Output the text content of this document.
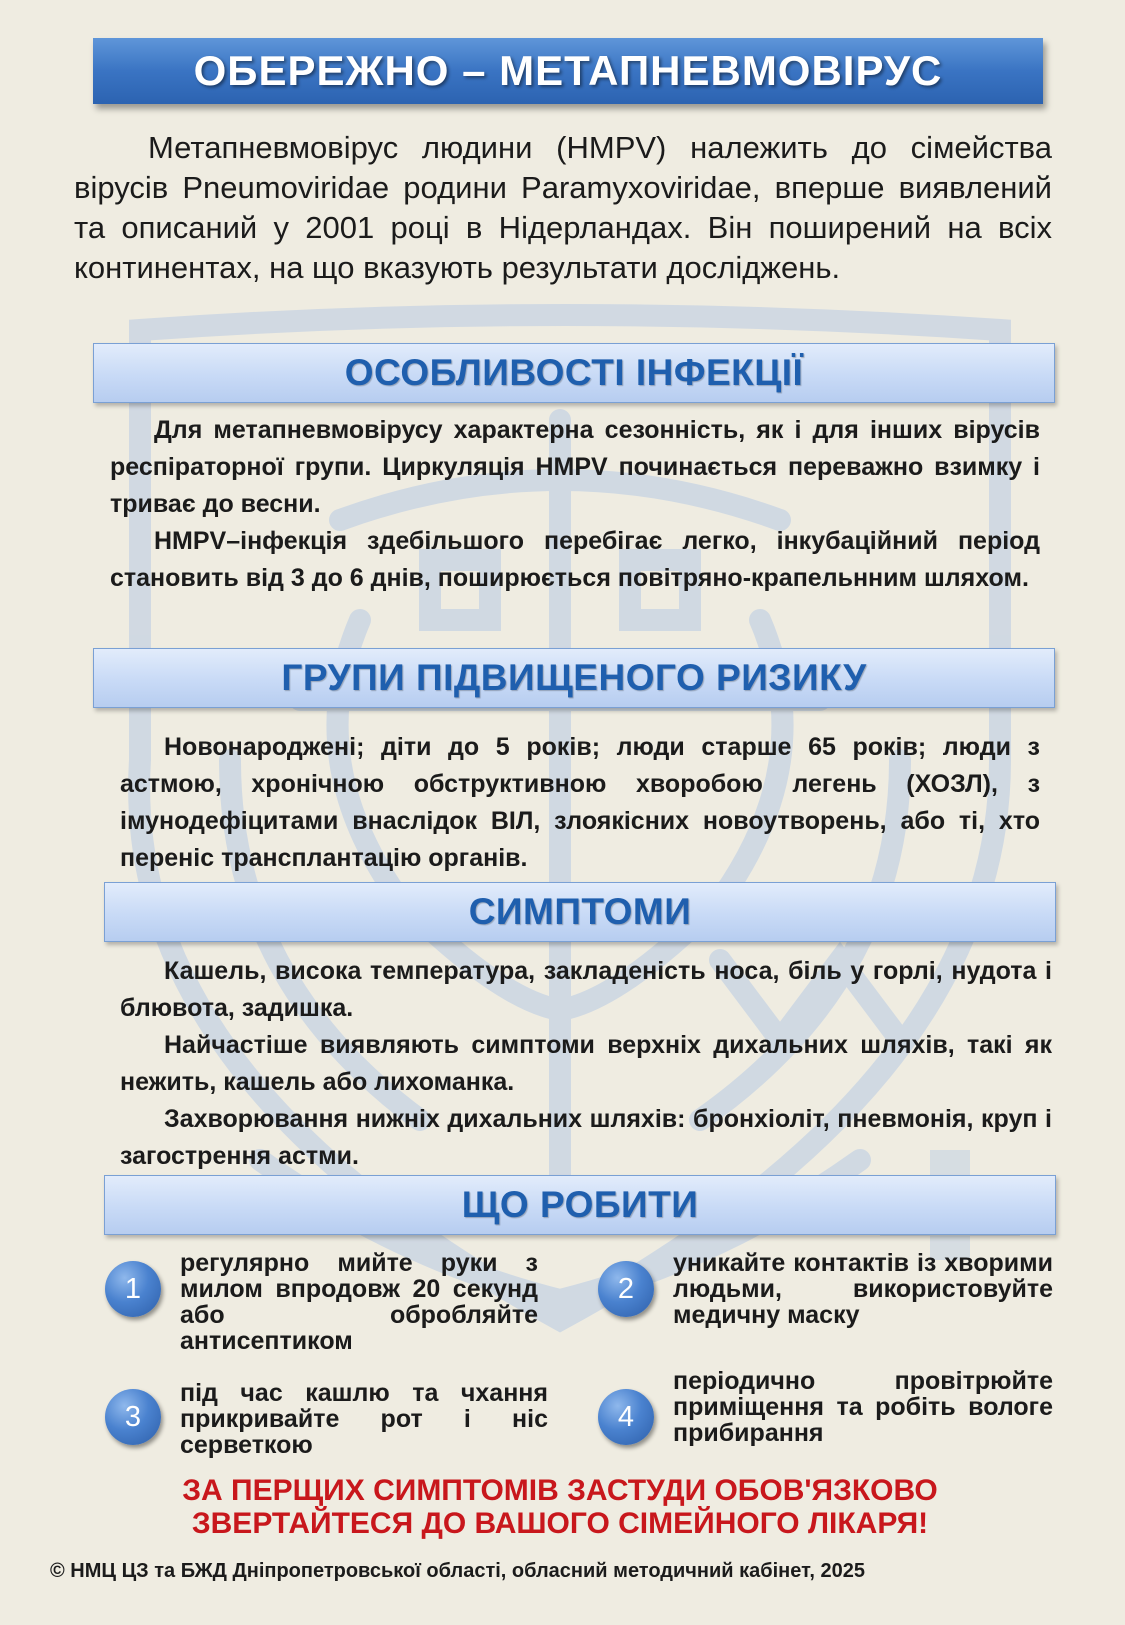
ОБЕРЕЖНО – МЕТАПНЕВМОВІРУС

Метапневмовірус людини (HMPV) належить до сімейства вірусів Pneumoviridae родини Paramyxoviridae, вперше виявлений та описаний у 2001 році в Нідерландах. Він поширений на всіх континентах, на що вказують результати досліджень.

ОСОБЛИВОСТІ ІНФЕКЦІЇ

Для метапневмовірусу характерна сезонність, як і для інших вірусів респіраторної групи. Циркуляція HMPV починається переважно взимку і триває до весни.

HMPV–інфекція здебільшого перебігає легко, інкубаційний період становить від 3 до 6 днів, поширюється повітряно-крапельнним шляхом.

ГРУПИ ПІДВИЩЕНОГО РИЗИКУ

Новонароджені; діти до 5 років; люди старше 65 років; люди з астмою, хронічною обструктивною хворобою легень (ХОЗЛ), з імунодефіцитами внаслідок ВІЛ, злоякісних новоутворень, або ті, хто переніс трансплантацію органів.

СИМПТОМИ

Кашель, висока температура, закладеність носа, біль у горлі, нудота і блювота, задишка.

Найчастіше виявляють симптоми верхніх дихальних шляхів, такі як нежить, кашель або лихоманка.

Захворювання нижніх дихальних шляхів: бронхіоліт, пневмонія, круп і загострення астми.

ЩО РОБИТИ
1

регулярно мийте руки з милом впродовж 20 секунд або обробляйте антисептиком

2

уникайте контактів із хворими людьми, використовуйте медичну маску

3

під час кашлю та чхання прикривайте рот і ніс серветкою

4

періодично провітрюйте приміщення та робіть вологе прибирання

ЗА ПЕРЩИХ СИМПТОМІВ ЗАСТУДИ ОБОВ'ЯЗКОВО
ЗВЕРТАЙТЕСЯ ДО ВАШОГО СІМЕЙНОГО ЛІКАРЯ!

© НМЦ ЦЗ та БЖД Дніпропетровської області, обласний методичний кабінет, 2025
